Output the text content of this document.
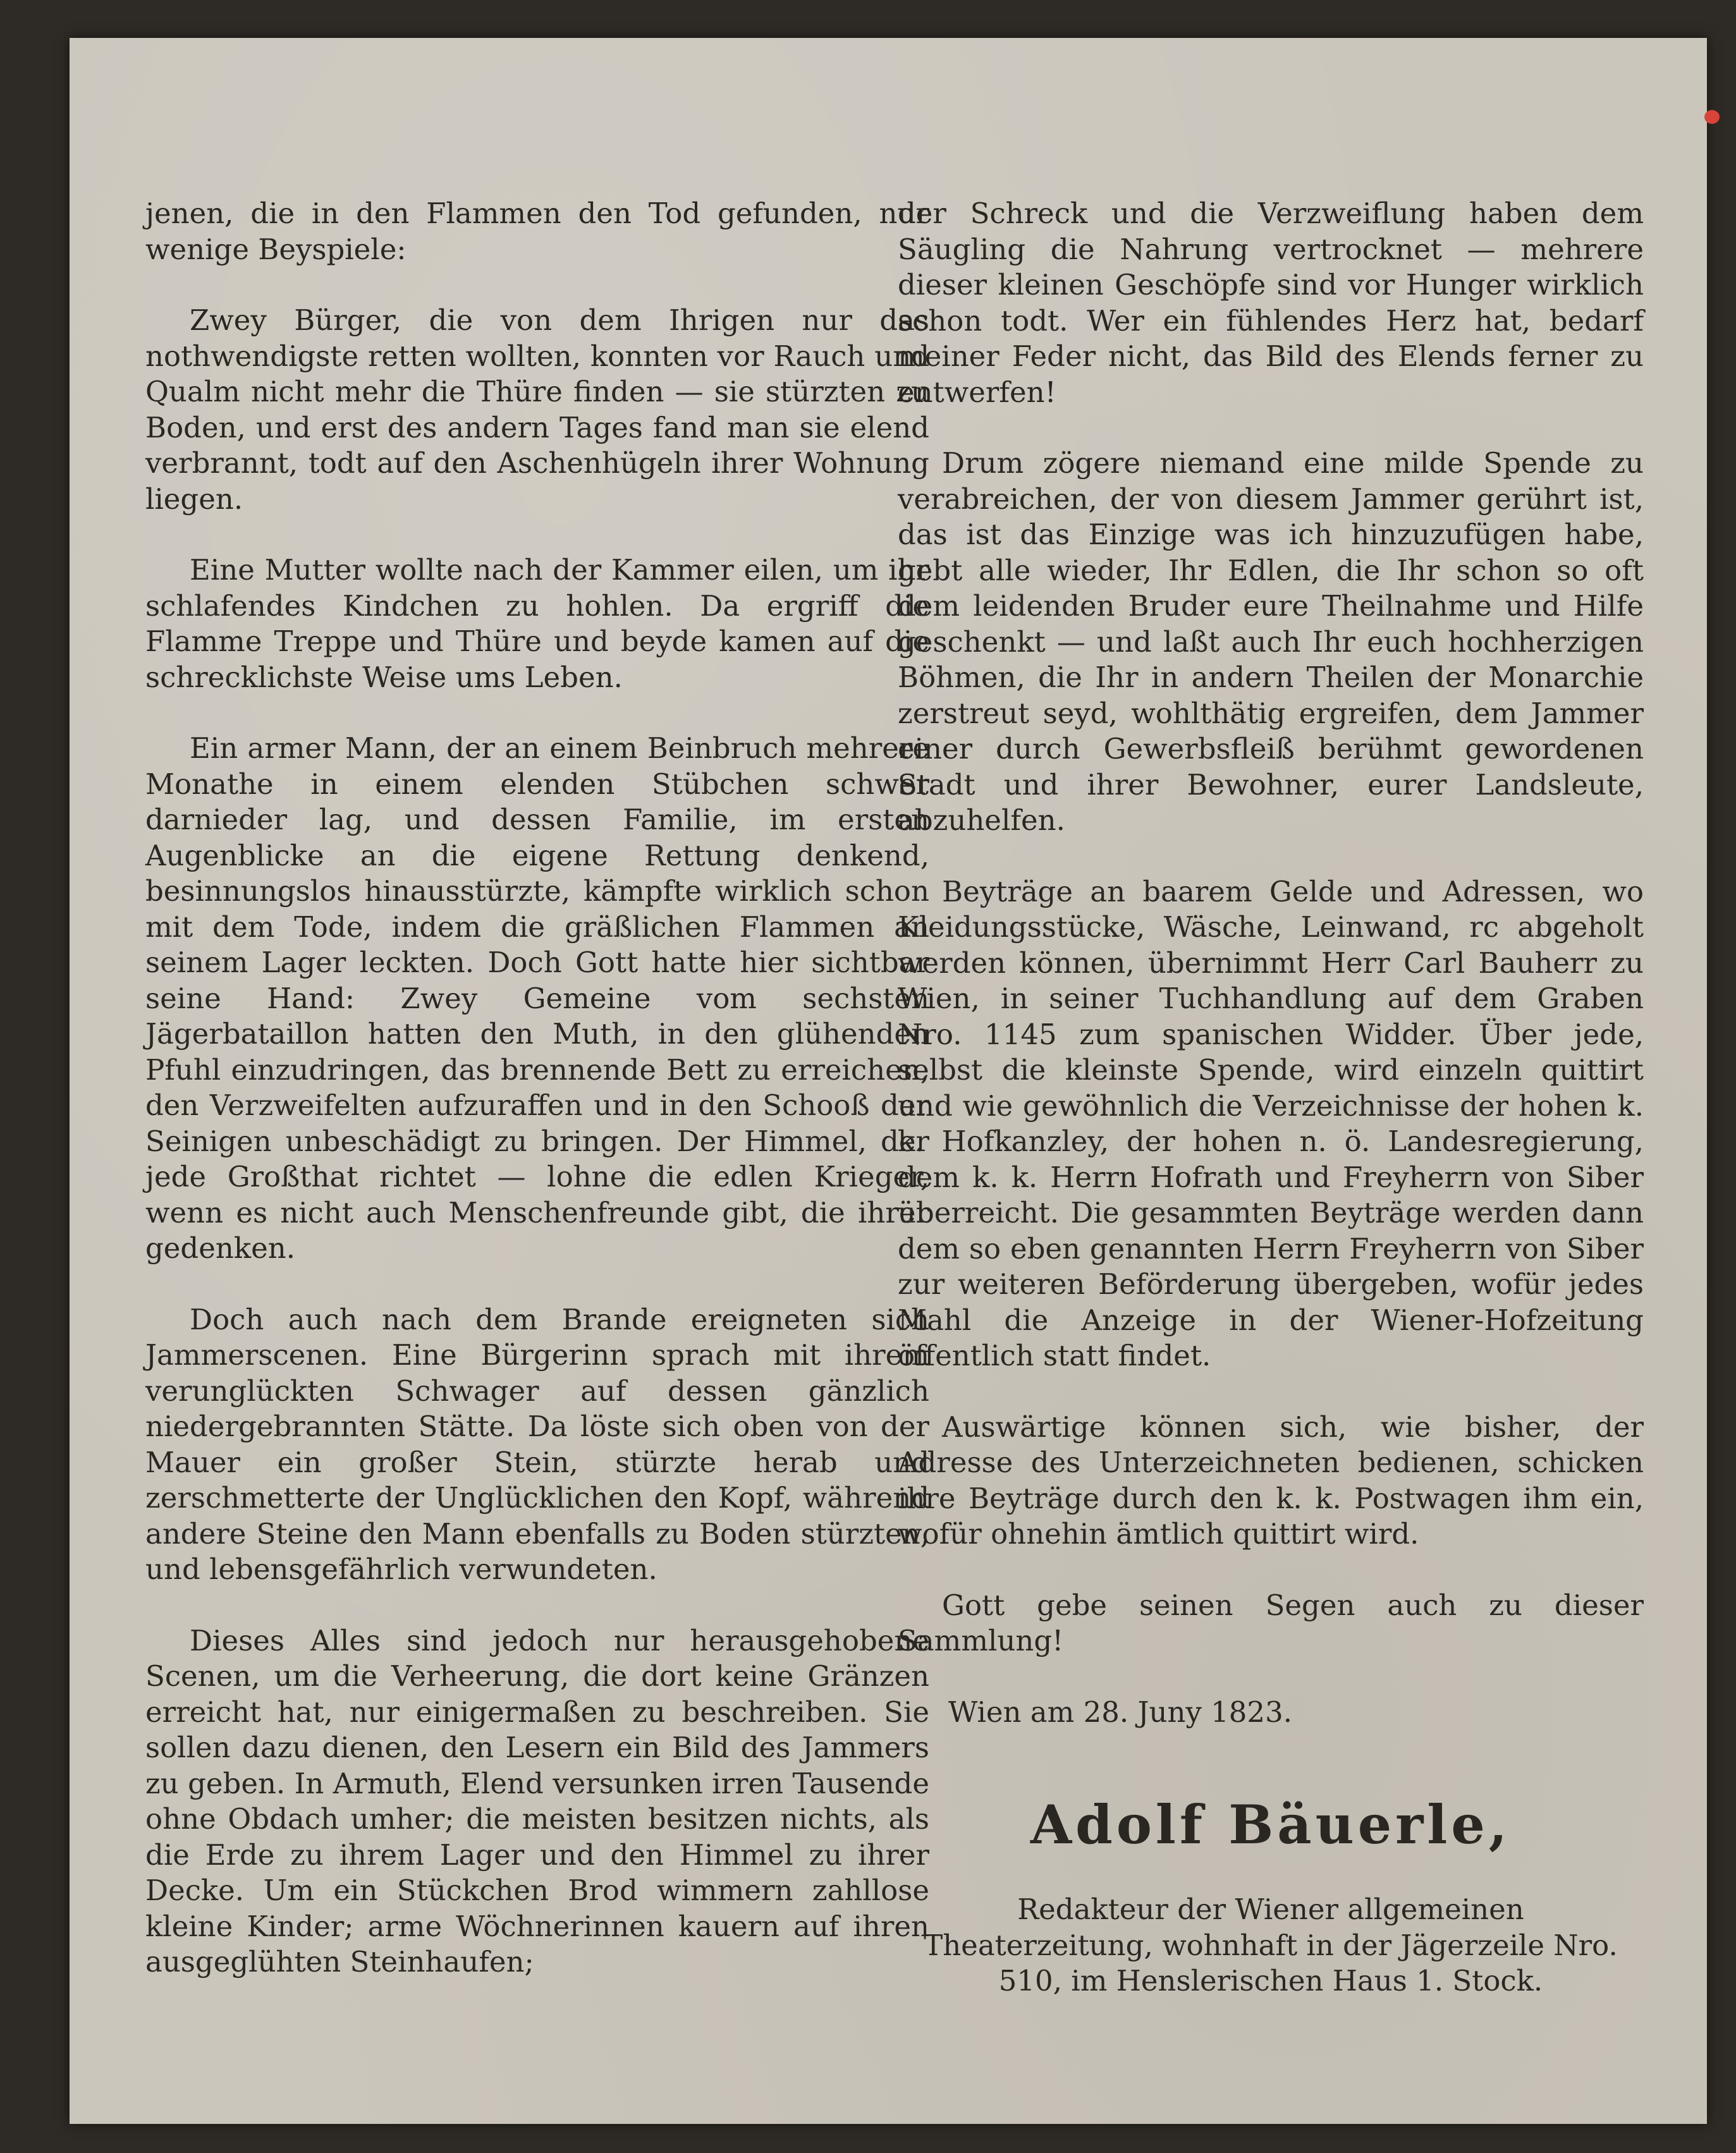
jenen, die in den Flammen den Tod gefunden, nur wenige Beyspiele:

Zwey Bürger, die von dem Ihrigen nur das nothwendigste retten wollten, konnten vor Rauch und Qualm nicht mehr die Thüre finden — sie stürzten zu Boden, und erst des andern Tages fand man sie elend verbrannt, todt auf den Aschenhügeln ihrer Wohnung liegen.

Eine Mutter wollte nach der Kammer eilen, um ihr schlafendes Kindchen zu hohlen. Da ergriff die Flamme Treppe und Thüre und beyde kamen auf die schrecklichste Weise ums Leben.

Ein armer Mann, der an einem Beinbruch mehrere Monathe in einem elenden Stübchen schwer darnieder lag, und dessen Familie, im ersten Augenblicke an die eigene Rettung denkend, besinnungslos hinausstürzte, kämpfte wirklich schon mit dem Tode, indem die gräßlichen Flammen an seinem Lager leckten. Doch Gott hatte hier sichtbar seine Hand: Zwey Gemeine vom sechsten Jägerbataillon hatten den Muth, in den glühenden Pfuhl einzudringen, das brennende Bett zu erreichen, den Verzweifelten aufzuraffen und in den Schooß der Seinigen unbeschädigt zu bringen. Der Himmel, der jede Großthat richtet — lohne die edlen Krieger, wenn es nicht auch Menschenfreunde gibt, die ihrer gedenken.

Doch auch nach dem Brande ereigneten sich Jammerscenen. Eine Bürgerinn sprach mit ihrem verunglückten Schwager auf dessen gänzlich niedergebrannten Stätte. Da löste sich oben von der Mauer ein großer Stein, stürzte herab und zerschmetterte der Unglücklichen den Kopf, während andere Steine den Mann ebenfalls zu Boden stürzten, und lebensgefährlich verwundeten.

Dieses Alles sind jedoch nur herausgehobene Scenen, um die Verheerung, die dort keine Gränzen erreicht hat, nur einigermaßen zu beschreiben. Sie sollen dazu dienen, den Lesern ein Bild des Jammers zu geben. In Armuth, Elend versunken irren Tausende ohne Obdach umher; die meisten besitzen nichts, als die Erde zu ihrem Lager und den Himmel zu ihrer Decke. Um ein Stückchen Brod wimmern zahllose kleine Kinder; arme Wöchnerinnen kauern auf ihren ausgeglühten Steinhaufen;

der Schreck und die Verzweiflung haben dem Säugling die Nahrung vertrocknet — mehrere dieser kleinen Geschöpfe sind vor Hunger wirklich schon todt. Wer ein fühlendes Herz hat, bedarf meiner Feder nicht, das Bild des Elends ferner zu entwerfen!

Drum zögere niemand eine milde Spende zu verabreichen, der von diesem Jammer gerührt ist, das ist das Einzige was ich hinzuzufügen habe, gebt alle wieder, Ihr Edlen, die Ihr schon so oft dem leidenden Bruder eure Theilnahme und Hilfe geschenkt — und laßt auch Ihr euch hochherzigen Böhmen, die Ihr in andern Theilen der Monarchie zerstreut seyd, wohlthätig ergreifen, dem Jammer einer durch Gewerbsfleiß berühmt gewordenen Stadt und ihrer Bewohner, eurer Landsleute, abzuhelfen.

Beyträge an baarem Gelde und Adressen, wo Kleidungsstücke, Wäsche, Leinwand, rc abgeholt werden können, übernimmt Herr Carl Bauherr zu Wien, in seiner Tuchhandlung auf dem Graben Nro. 1145 zum spanischen Widder. Über jede, selbst die kleinste Spende, wird einzeln quittirt und wie gewöhnlich die Verzeichnisse der hohen k. k. Hofkanzley, der hohen n. ö. Landesregierung, dem k. k. Herrn Hofrath und Freyherrn von Siber überreicht. Die gesammten Beyträge werden dann dem so eben genannten Herrn Freyherrn von Siber zur weiteren Beförderung übergeben, wofür jedes Mahl die Anzeige in der Wiener-Hofzeitung öffentlich statt findet.

Auswärtige können sich, wie bisher, der Adresse des Unterzeichneten bedienen, schicken ihre Beyträge durch den k. k. Postwagen ihm ein, wofür ohnehin ämtlich quittirt wird.

Gott gebe seinen Segen auch zu dieser Sammlung!

Wien am 28. Juny 1823.

Adolf Bäuerle,

Redakteur der Wiener allgemeinen Theaterzeitung, wohnhaft in der Jägerzeile Nro. 510, im Henslerischen Haus 1. Stock.
